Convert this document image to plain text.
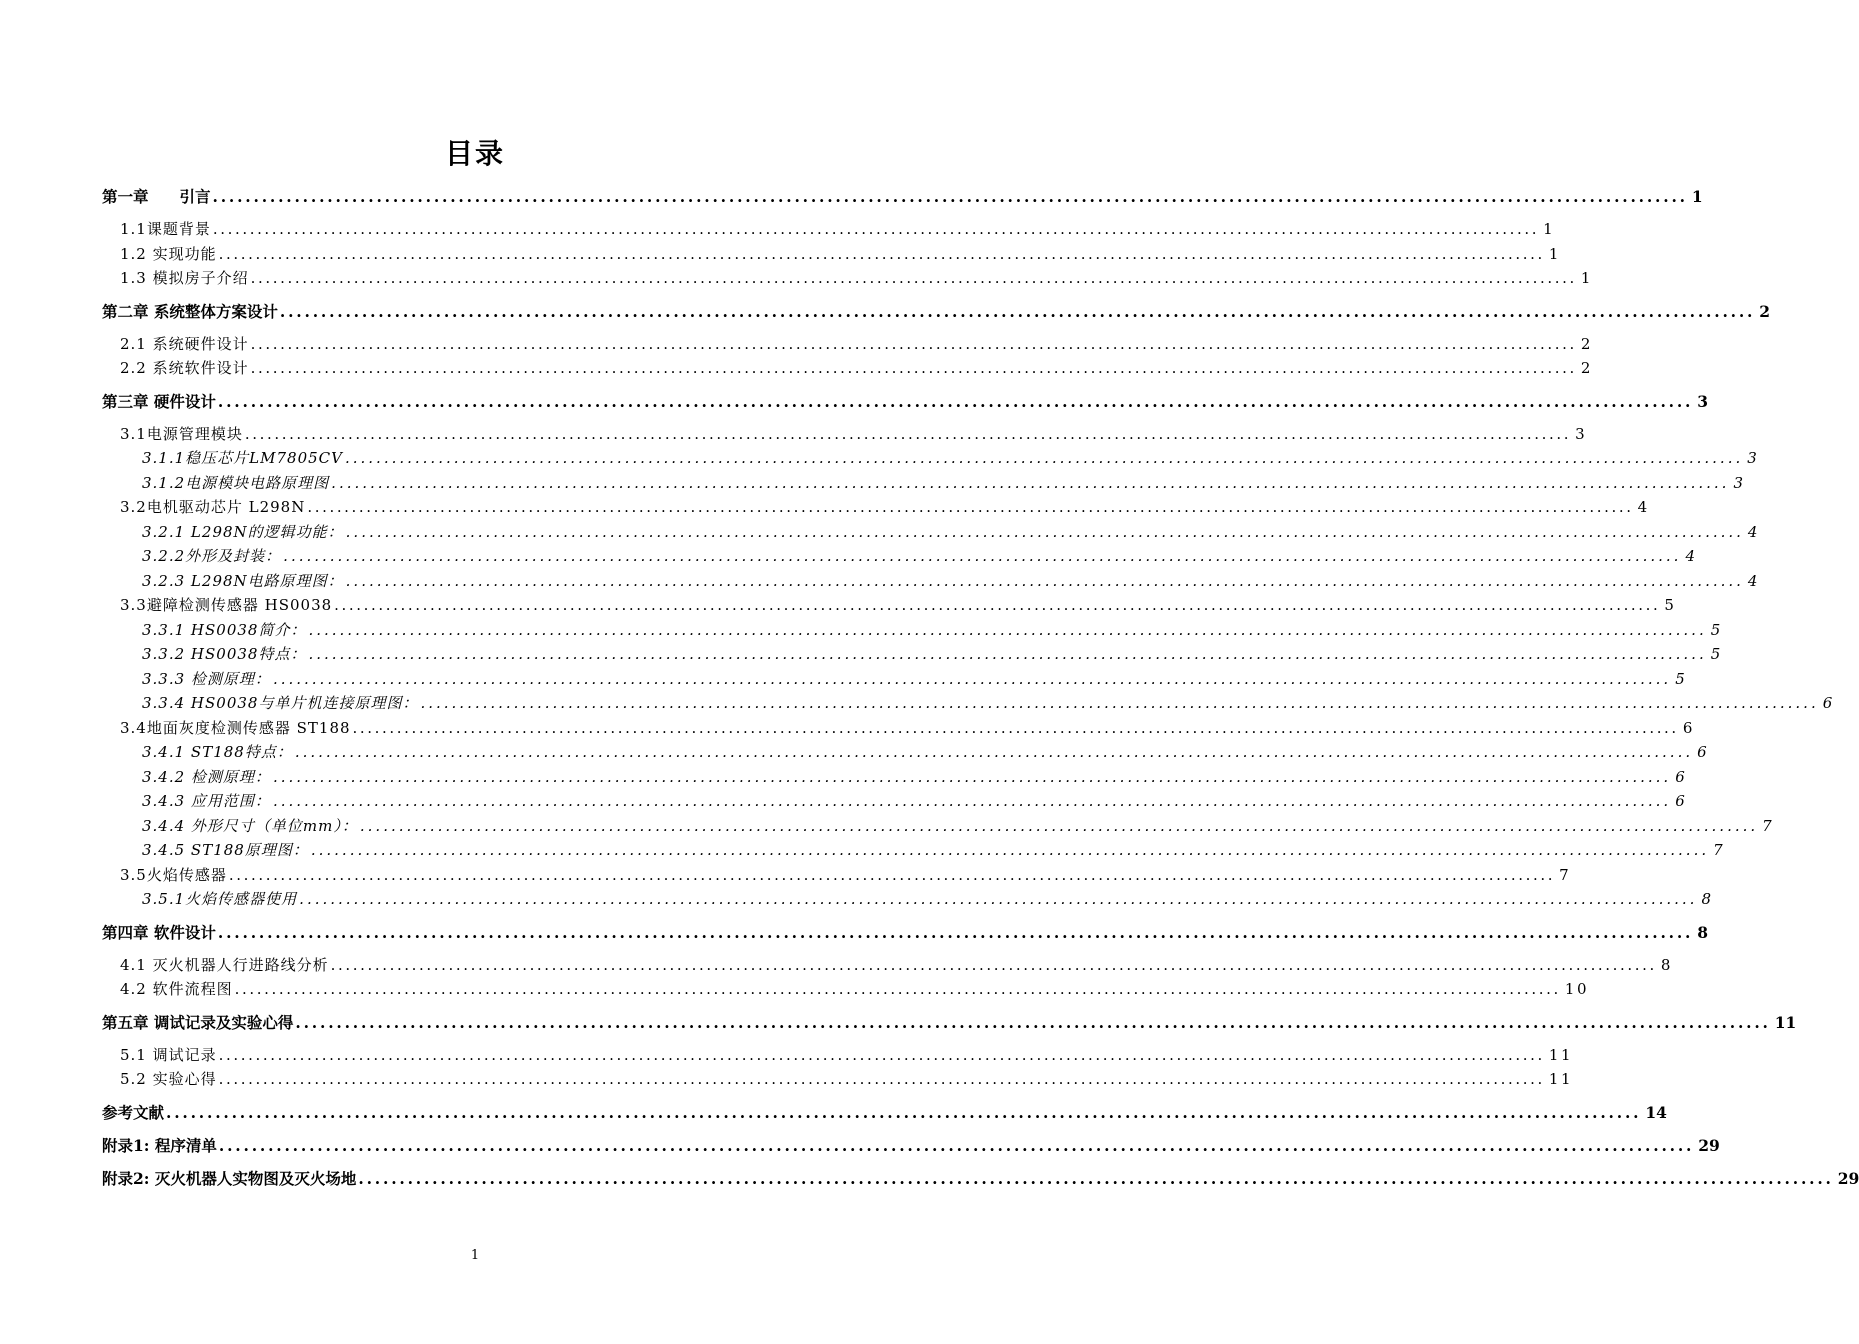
目录
第一章　　引言 .................................................................................................................................................................................... 1
1.1课题背景 .................................................................................................................................................................................... 1
1.2 实现功能 .................................................................................................................................................................................... 1
1.3 模拟房子介绍 .................................................................................................................................................................................... 1
第二章 系统整体方案设计 .................................................................................................................................................................................... 2
2.1 系统硬件设计 .................................................................................................................................................................................... 2
2.2 系统软件设计 .................................................................................................................................................................................... 2
第三章 硬件设计 .................................................................................................................................................................................... 3
3.1电源管理模块 .................................................................................................................................................................................... 3
3.1.1稳压芯片LM7805CV .................................................................................................................................................................................... 3
3.1.2电源模块电路原理图 .................................................................................................................................................................................... 3
3.2电机驱动芯片 L298N .................................................................................................................................................................................... 4
3.2.1 L298N的逻辑功能： .................................................................................................................................................................................... 4
3.2.2外形及封装： .................................................................................................................................................................................... 4
3.2.3 L298N电路原理图： .................................................................................................................................................................................... 4
3.3避障检测传感器 HS0038 .................................................................................................................................................................................... 5
3.3.1 HS0038简介： .................................................................................................................................................................................... 5
3.3.2 HS0038特点： .................................................................................................................................................................................... 5
3.3.3 检测原理： .................................................................................................................................................................................... 5
3.3.4 HS0038与单片机连接原理图： .................................................................................................................................................................................... 6
3.4地面灰度检测传感器 ST188 .................................................................................................................................................................................... 6
3.4.1 ST188特点： .................................................................................................................................................................................... 6
3.4.2 检测原理： .................................................................................................................................................................................... 6
3.4.3 应用范围： .................................................................................................................................................................................... 6
3.4.4 外形尺寸（单位mm）： .................................................................................................................................................................................... 7
3.4.5 ST188原理图： .................................................................................................................................................................................... 7
3.5火焰传感器 .................................................................................................................................................................................... 7
3.5.1火焰传感器使用 .................................................................................................................................................................................... 8
第四章 软件设计 .................................................................................................................................................................................... 8
4.1 灭火机器人行进路线分析 .................................................................................................................................................................................... 8
4.2 软件流程图 .................................................................................................................................................................................... 10
第五章 调试记录及实验心得 .................................................................................................................................................................................... 11
5.1 调试记录 .................................................................................................................................................................................... 11
5.2 实验心得 .................................................................................................................................................................................... 11
参考文献 .................................................................................................................................................................................... 14
附录1: 程序清单 .................................................................................................................................................................................... 29
附录2: 灭火机器人实物图及灭火场地 .................................................................................................................................................................................... 29
1
